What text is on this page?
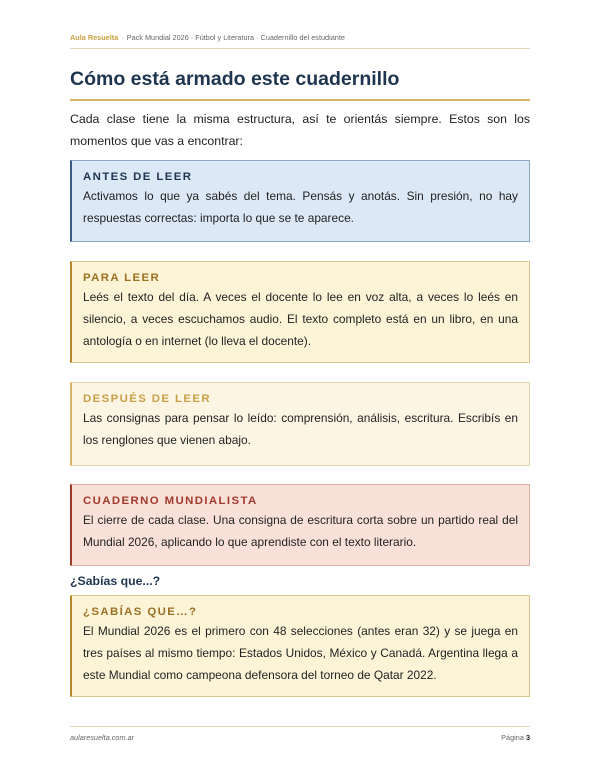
Aula Resuelta · Pack Mundial 2026 · Fútbol y Literatura · Cuadernillo del estudiante
Cómo está armado este cuadernillo
Cada clase tiene la misma estructura, así te orientás siempre. Estos son los momentos que vas a encontrar:
ANTES DE LEER
Activamos lo que ya sabés del tema. Pensás y anotás. Sin presión, no hay respuestas correctas: importa lo que se te aparece.
PARA LEER
Leés el texto del día. A veces el docente lo lee en voz alta, a veces lo leés en silencio, a veces escuchamos audio. El texto completo está en un libro, en una antología o en internet (lo lleva el docente).
DESPUÉS DE LEER
Las consignas para pensar lo leído: comprensión, análisis, escritura. Escribís en los renglones que vienen abajo.
CUADERNO MUNDIALISTA
El cierre de cada clase. Una consigna de escritura corta sobre un partido real del Mundial 2026, aplicando lo que aprendiste con el texto literario.
¿Sabías que...?
¿SABÍAS QUE…?
El Mundial 2026 es el primero con 48 selecciones (antes eran 32) y se juega en tres países al mismo tiempo: Estados Unidos, México y Canadá. Argentina llega a este Mundial como campeona defensora del torneo de Qatar 2022.
aularesuelta.com.ar	Página 3
